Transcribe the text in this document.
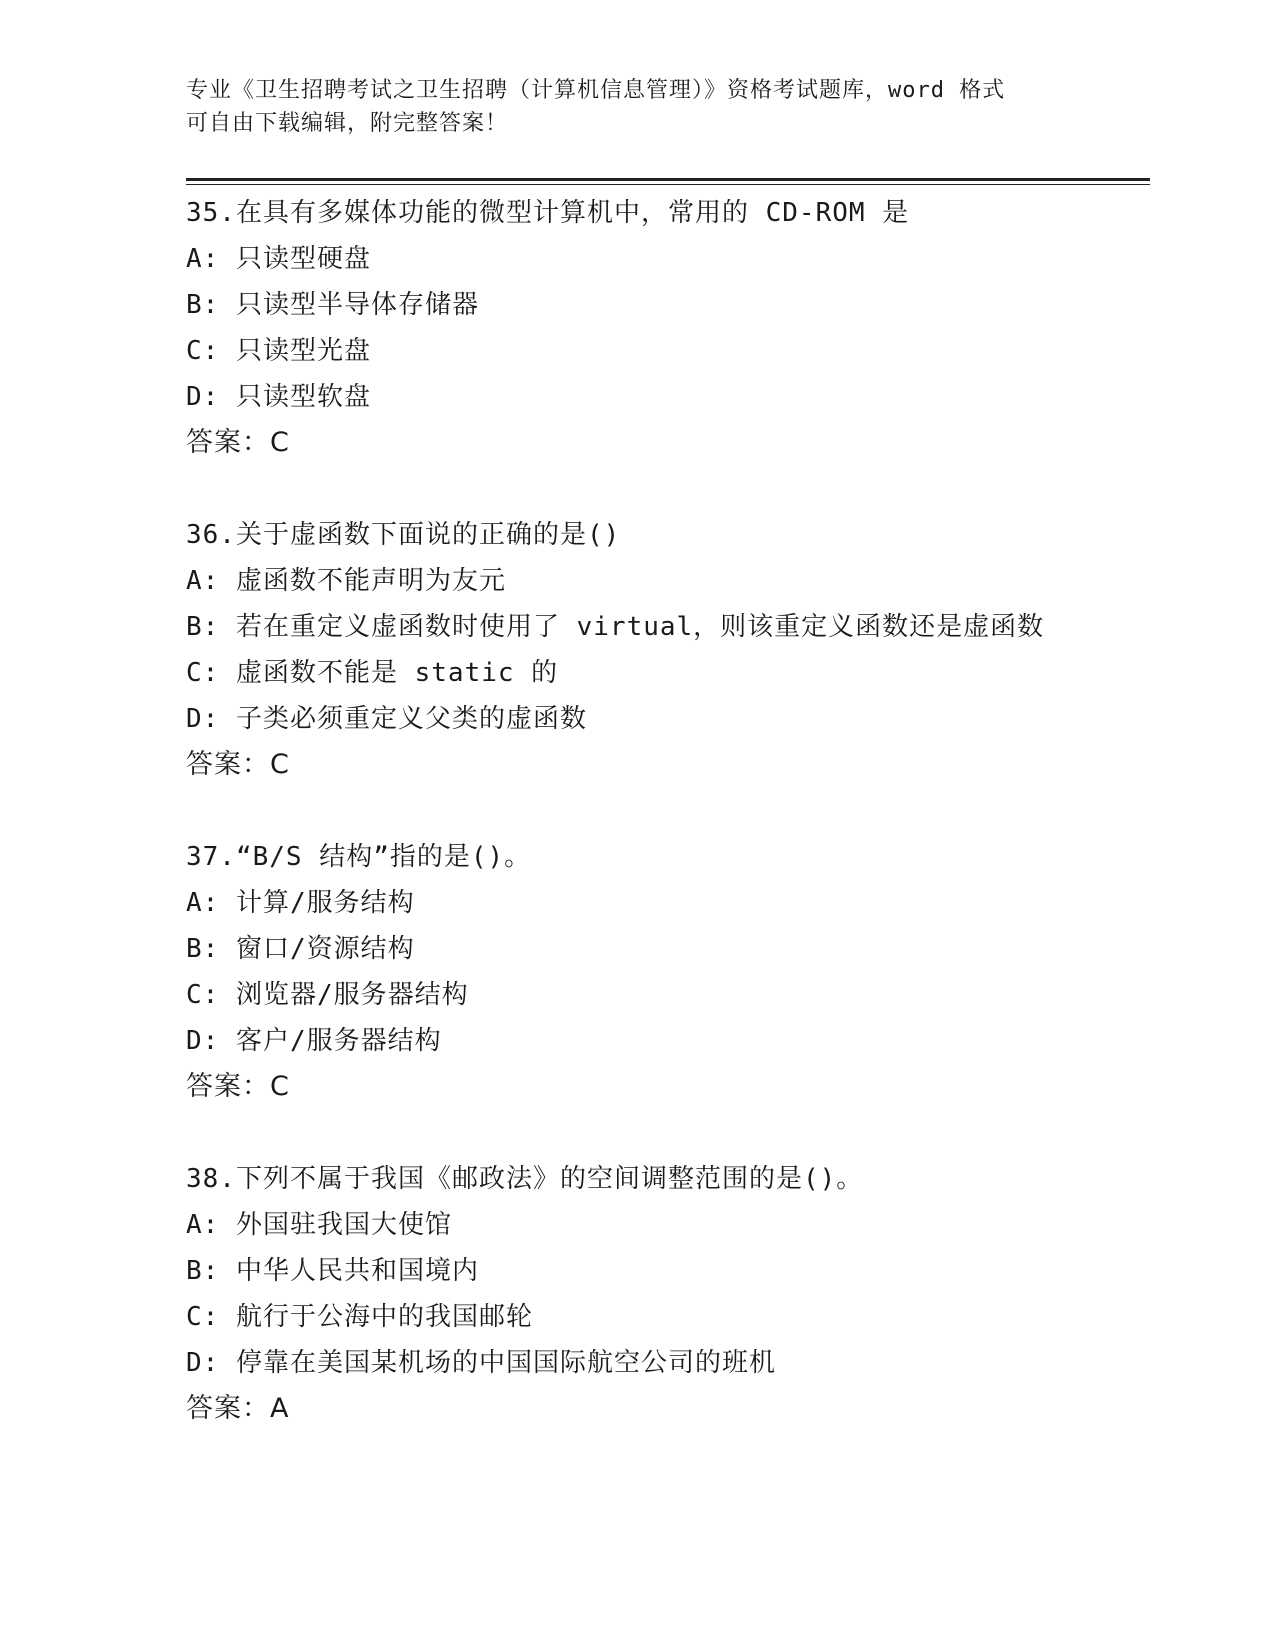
专业《卫生招聘考试之卫生招聘（计算机信息管理）》资格考试题库，word 格式
可自由下载编辑，附完整答案！
35.在具有多媒体功能的微型计算机中，常用的 CD-ROM 是
A: 只读型硬盘
B: 只读型半导体存储器
C: 只读型光盘
D: 只读型软盘
答案：C
36.关于虚函数下面说的正确的是()
A: 虚函数不能声明为友元
B: 若在重定义虚函数时使用了 virtual，则该重定义函数还是虚函数
C: 虚函数不能是 static 的
D: 子类必须重定义父类的虚函数
答案：C
37.“B/S 结构”指的是()。
A: 计算/服务结构
B: 窗口/资源结构
C: 浏览器/服务器结构
D: 客户/服务器结构
答案：C
38.下列不属于我国《邮政法》的空间调整范围的是()。
A: 外国驻我国大使馆
B: 中华人民共和国境内
C: 航行于公海中的我国邮轮
D: 停靠在美国某机场的中国国际航空公司的班机
答案：A
